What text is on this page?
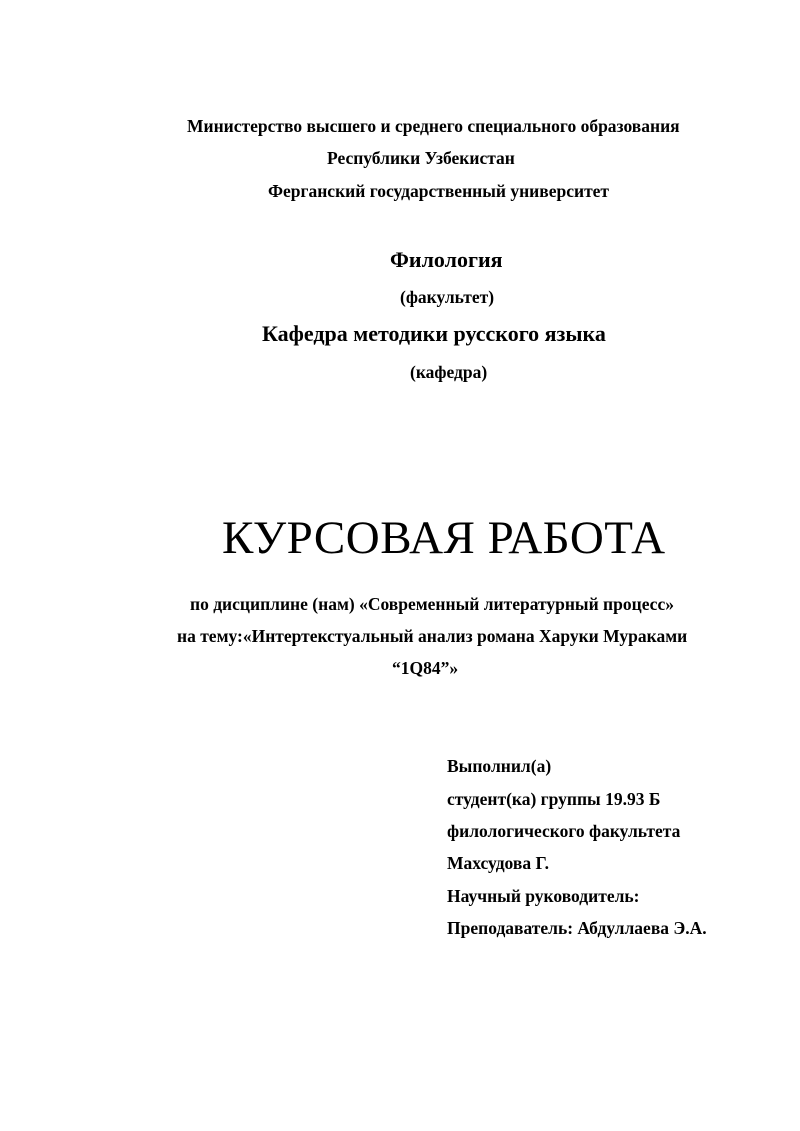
Министерство высшего и среднего специального образования
Республики Узбекистан
Ферганский государственный университет
Филология
(факультет)
Кафедра методики русского языка
(кафедра)
КУРСОВАЯ РАБОТА
по дисциплине (нам) «Современный литературный процесс»
на тему:«Интертекстуальный анализ романа Харуки Мураками
“1Q84”»
Выполнил(а)
студент(ка) группы 19.93 Б
филологического факультета
Махсудова Г.
Научный руководитель:
Преподаватель: Абдуллаева Э.А.
